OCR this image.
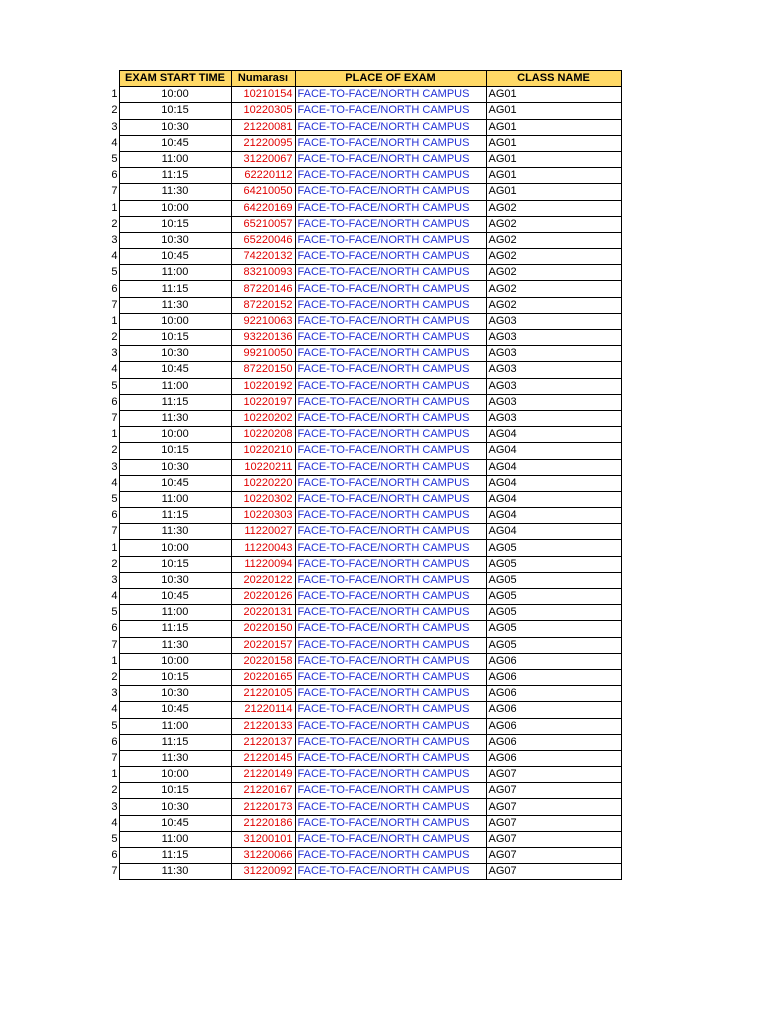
	EXAM START TIME	Numarası	PLACE OF EXAM	CLASS NAME
1	10:00	10210154	FACE-TO-FACE/NORTH CAMPUS	AG01
2	10:15	10220305	FACE-TO-FACE/NORTH CAMPUS	AG01
3	10:30	21220081	FACE-TO-FACE/NORTH CAMPUS	AG01
4	10:45	21220095	FACE-TO-FACE/NORTH CAMPUS	AG01
5	11:00	31220067	FACE-TO-FACE/NORTH CAMPUS	AG01
6	11:15	62220112	FACE-TO-FACE/NORTH CAMPUS	AG01
7	11:30	64210050	FACE-TO-FACE/NORTH CAMPUS	AG01
1	10:00	64220169	FACE-TO-FACE/NORTH CAMPUS	AG02
2	10:15	65210057	FACE-TO-FACE/NORTH CAMPUS	AG02
3	10:30	65220046	FACE-TO-FACE/NORTH CAMPUS	AG02
4	10:45	74220132	FACE-TO-FACE/NORTH CAMPUS	AG02
5	11:00	83210093	FACE-TO-FACE/NORTH CAMPUS	AG02
6	11:15	87220146	FACE-TO-FACE/NORTH CAMPUS	AG02
7	11:30	87220152	FACE-TO-FACE/NORTH CAMPUS	AG02
1	10:00	92210063	FACE-TO-FACE/NORTH CAMPUS	AG03
2	10:15	93220136	FACE-TO-FACE/NORTH CAMPUS	AG03
3	10:30	99210050	FACE-TO-FACE/NORTH CAMPUS	AG03
4	10:45	87220150	FACE-TO-FACE/NORTH CAMPUS	AG03
5	11:00	10220192	FACE-TO-FACE/NORTH CAMPUS	AG03
6	11:15	10220197	FACE-TO-FACE/NORTH CAMPUS	AG03
7	11:30	10220202	FACE-TO-FACE/NORTH CAMPUS	AG03
1	10:00	10220208	FACE-TO-FACE/NORTH CAMPUS	AG04
2	10:15	10220210	FACE-TO-FACE/NORTH CAMPUS	AG04
3	10:30	10220211	FACE-TO-FACE/NORTH CAMPUS	AG04
4	10:45	10220220	FACE-TO-FACE/NORTH CAMPUS	AG04
5	11:00	10220302	FACE-TO-FACE/NORTH CAMPUS	AG04
6	11:15	10220303	FACE-TO-FACE/NORTH CAMPUS	AG04
7	11:30	11220027	FACE-TO-FACE/NORTH CAMPUS	AG04
1	10:00	11220043	FACE-TO-FACE/NORTH CAMPUS	AG05
2	10:15	11220094	FACE-TO-FACE/NORTH CAMPUS	AG05
3	10:30	20220122	FACE-TO-FACE/NORTH CAMPUS	AG05
4	10:45	20220126	FACE-TO-FACE/NORTH CAMPUS	AG05
5	11:00	20220131	FACE-TO-FACE/NORTH CAMPUS	AG05
6	11:15	20220150	FACE-TO-FACE/NORTH CAMPUS	AG05
7	11:30	20220157	FACE-TO-FACE/NORTH CAMPUS	AG05
1	10:00	20220158	FACE-TO-FACE/NORTH CAMPUS	AG06
2	10:15	20220165	FACE-TO-FACE/NORTH CAMPUS	AG06
3	10:30	21220105	FACE-TO-FACE/NORTH CAMPUS	AG06
4	10:45	21220114	FACE-TO-FACE/NORTH CAMPUS	AG06
5	11:00	21220133	FACE-TO-FACE/NORTH CAMPUS	AG06
6	11:15	21220137	FACE-TO-FACE/NORTH CAMPUS	AG06
7	11:30	21220145	FACE-TO-FACE/NORTH CAMPUS	AG06
1	10:00	21220149	FACE-TO-FACE/NORTH CAMPUS	AG07
2	10:15	21220167	FACE-TO-FACE/NORTH CAMPUS	AG07
3	10:30	21220173	FACE-TO-FACE/NORTH CAMPUS	AG07
4	10:45	21220186	FACE-TO-FACE/NORTH CAMPUS	AG07
5	11:00	31200101	FACE-TO-FACE/NORTH CAMPUS	AG07
6	11:15	31220066	FACE-TO-FACE/NORTH CAMPUS	AG07
7	11:30	31220092	FACE-TO-FACE/NORTH CAMPUS	AG07
